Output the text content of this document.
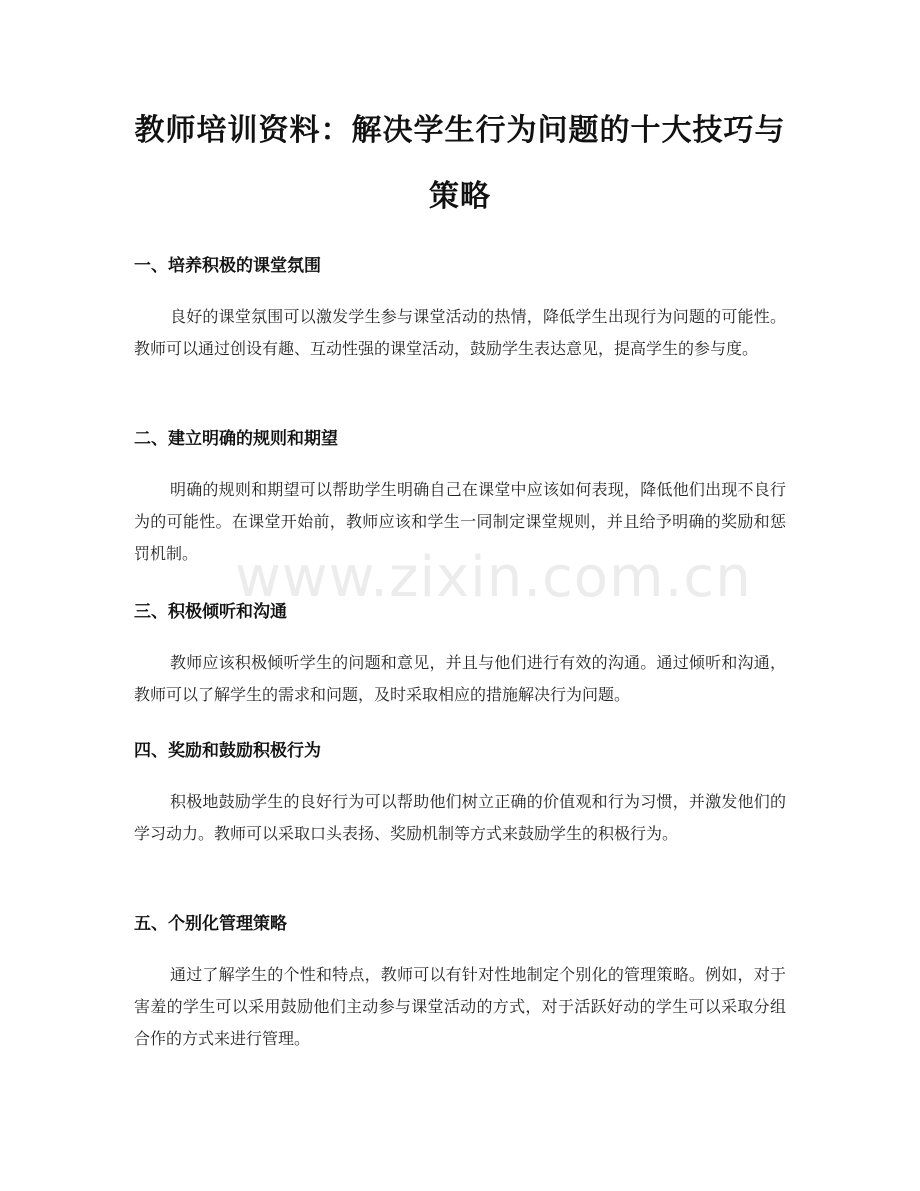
教师培训资料：解决学生行为问题的十大技巧与策略
一、培养积极的课堂氛围

良好的课堂氛围可以激发学生参与课堂活动的热情，降低学生出现行为问题的可能性。教师可以通过创设有趣、互动性强的课堂活动，鼓励学生表达意见，提高学生的参与度。

二、建立明确的规则和期望

明确的规则和期望可以帮助学生明确自己在课堂中应该如何表现，降低他们出现不良行为的可能性。在课堂开始前，教师应该和学生一同制定课堂规则，并且给予明确的奖励和惩罚机制。

三、积极倾听和沟通

教师应该积极倾听学生的问题和意见，并且与他们进行有效的沟通。通过倾听和沟通，教师可以了解学生的需求和问题，及时采取相应的措施解决行为问题。

四、奖励和鼓励积极行为

积极地鼓励学生的良好行为可以帮助他们树立正确的价值观和行为习惯，并激发他们的学习动力。教师可以采取口头表扬、奖励机制等方式来鼓励学生的积极行为。

五、个别化管理策略

通过了解学生的个性和特点，教师可以有针对性地制定个别化的管理策略。例如，对于害羞的学生可以采用鼓励他们主动参与课堂活动的方式，对于活跃好动的学生可以采取分组合作的方式来进行管理。

www.zixin.com.cn
